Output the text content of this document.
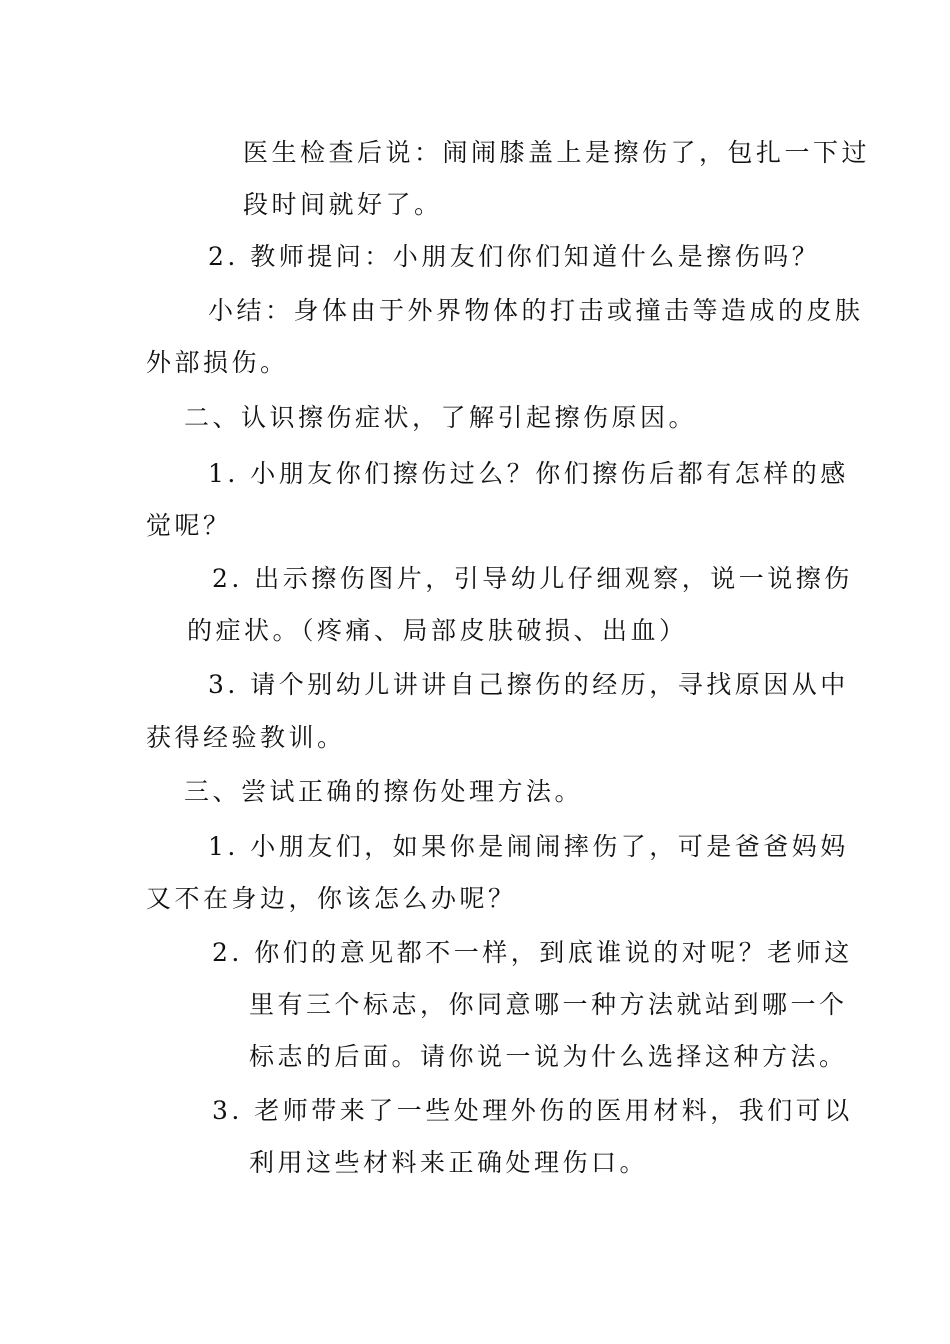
医生检查后说：闹闹膝盖上是擦伤了，包扎一下过

段时间就好了。

2. 教师提问：小朋友们你们知道什么是擦伤吗？

小结：身体由于外界物体的打击或撞击等造成的皮肤

外部损伤。

二、认识擦伤症状，了解引起擦伤原因。

1. 小朋友你们擦伤过么？你们擦伤后都有怎样的感

觉呢？

2. 出示擦伤图片，引导幼儿仔细观察，说一说擦伤

的症状。（疼痛、局部皮肤破损、出血）

3. 请个别幼儿讲讲自己擦伤的经历，寻找原因从中

获得经验教训。

三、尝试正确的擦伤处理方法。

1. 小朋友们，如果你是闹闹摔伤了，可是爸爸妈妈

又不在身边，你该怎么办呢？

2. 你们的意见都不一样，到底谁说的对呢？老师这

里有三个标志，你同意哪一种方法就站到哪一个

标志的后面。请你说一说为什么选择这种方法。

3. 老师带来了一些处理外伤的医用材料，我们可以

利用这些材料来正确处理伤口。
